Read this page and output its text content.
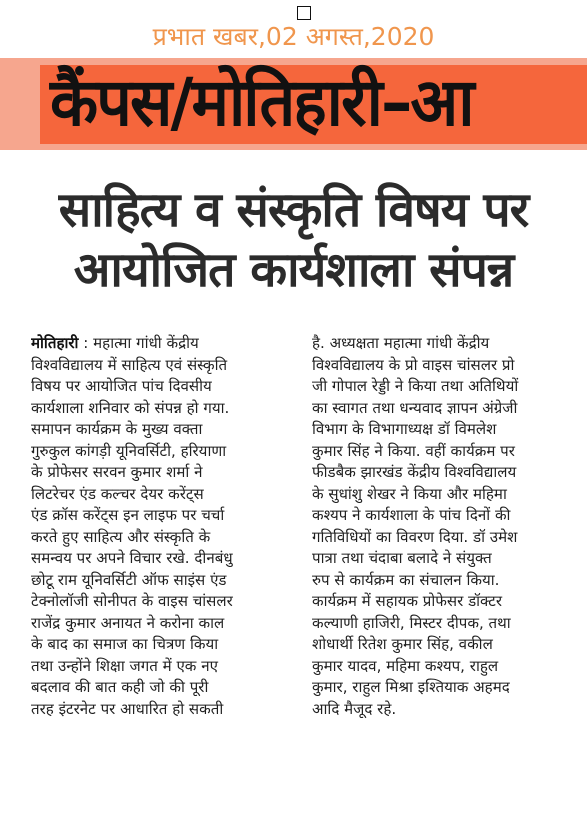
प्रभात खबर,02 अगस्त,2020
कैंपस/मोतिहारी–आ
साहित्य व संस्कृति विषय पर
आयोजित कार्यशाला संपन्न
मोतिहारी : महात्मा गांधी केंद्रीय
विश्वविद्यालय में साहित्य एवं संस्कृति
विषय पर आयोजित पांच दिवसीय
कार्यशाला शनिवार को संपन्न हो गया.
समापन कार्यक्रम के मुख्य वक्ता
गुरुकुल कांगड़ी यूनिवर्सिटी, हरियाणा
के प्रोफेसर सरवन कुमार शर्मा ने
लिटरेचर एंड कल्चर देयर करेंट्स
एंड क्रॉस करेंट्स इन लाइफ पर चर्चा
करते हुए साहित्य और संस्कृति के
समन्वय पर अपने विचार रखे. दीनबंधु
छोटू राम यूनिवर्सिटी ऑफ साइंस एंड
टेक्नोलॉजी सोनीपत के वाइस चांसलर
राजेंद्र कुमार अनायत ने करोना काल
के बाद का समाज का चित्रण किया
तथा उन्होंने शिक्षा जगत में एक नए
बदलाव की बात कही जो की पूरी
तरह इंटरनेट पर आधारित हो सकती
है. अध्यक्षता महात्मा गांधी केंद्रीय
विश्वविद्यालय के प्रो वाइस चांसलर प्रो
जी गोपाल रेड्डी ने किया तथा अतिथियों
का स्वागत तथा धन्यवाद ज्ञापन अंग्रेजी
विभाग के विभागाध्यक्ष डॉ विमलेश
कुमार सिंह ने किया. वहीं कार्यक्रम पर
फीडबैक झारखंड केंद्रीय विश्वविद्यालय
के सुधांशु शेखर ने किया और महिमा
कश्यप ने कार्यशाला के पांच दिनों की
गतिविधियों का विवरण दिया. डॉ उमेश
पात्रा तथा चंदाबा बलादे ने संयुक्त
रुप से कार्यक्रम का संचालन किया.
कार्यक्रम में सहायक प्रोफेसर डॉक्टर
कल्याणी हाजिरी, मिस्टर दीपक, तथा
शोधार्थी रितेश कुमार सिंह, वकील
कुमार यादव, महिमा कश्यप, राहुल
कुमार, राहुल मिश्रा इश्तियाक अहमद
आदि मैजूद रहे.
